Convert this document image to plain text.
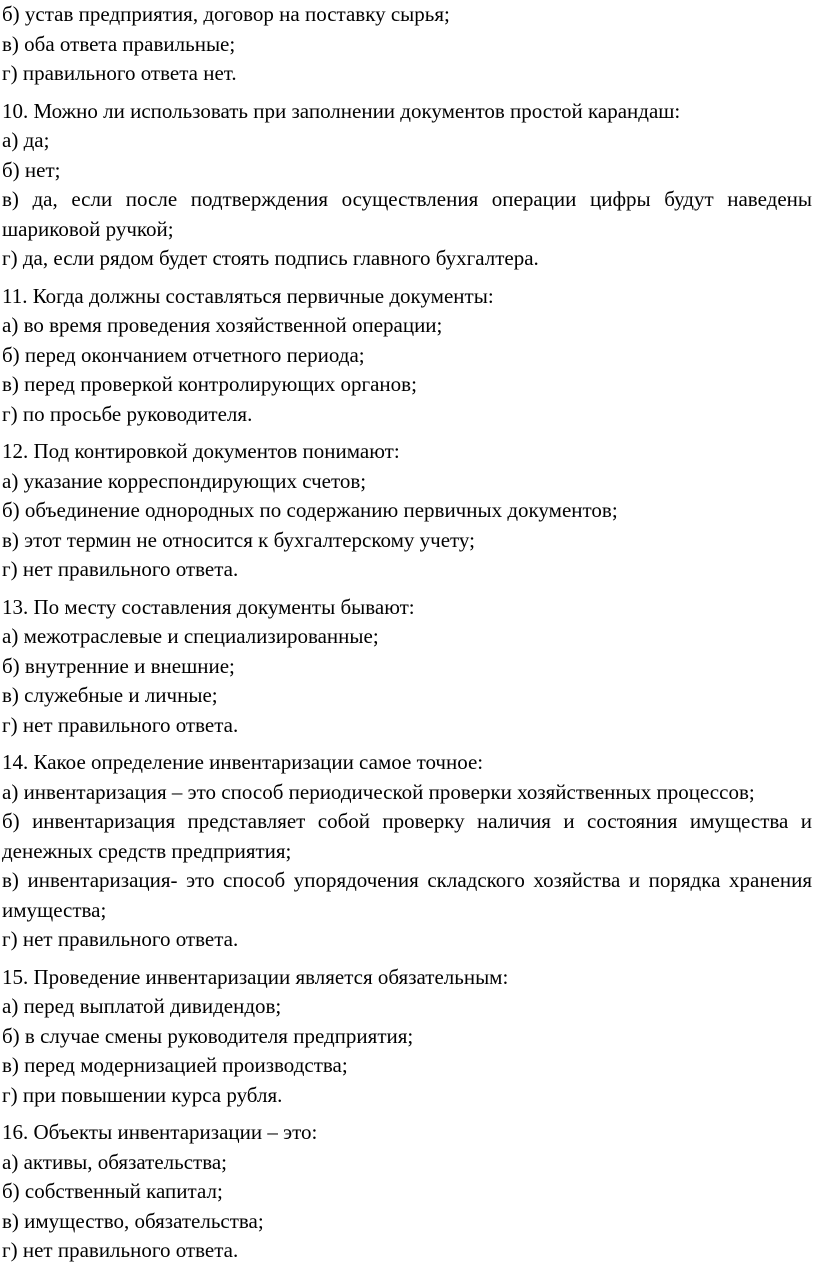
б) устав предприятия, договор на поставку сырья;
в) оба ответа правильные;
г) правильного ответа нет.
10. Можно ли использовать при заполнении документов простой карандаш:
а) да;
б) нет;
в) да, если после подтверждения осуществления операции цифры будут наведены шариковой ручкой;
г) да, если рядом будет стоять подпись главного бухгалтера.
11. Когда должны составляться первичные документы:
а) во время проведения хозяйственной операции;
б) перед окончанием отчетного периода;
в) перед проверкой контролирующих органов;
г) по просьбе руководителя.
12. Под контировкой документов понимают:
а) указание корреспондирующих счетов;
б) объединение однородных по содержанию первичных документов;
в) этот термин не относится к бухгалтерскому учету;
г) нет правильного ответа.
13. По месту составления документы бывают:
а) межотраслевые и специализированные;
б) внутренние и внешние;
в) служебные и личные;
г) нет правильного ответа.
14. Какое определение инвентаризации самое точное:
а) инвентаризация – это способ периодической проверки хозяйственных процессов;
б) инвентаризация представляет собой проверку наличия и состояния имущества и денежных средств предприятия;
в) инвентаризация- это способ упорядочения складского хозяйства и порядка хранения имущества;
г) нет правильного ответа.
15. Проведение инвентаризации является обязательным:
а) перед выплатой дивидендов;
б) в случае смены руководителя предприятия;
в) перед модернизацией производства;
г) при повышении курса рубля.
16. Объекты инвентаризации – это:
а) активы, обязательства;
б) собственный капитал;
в) имущество, обязательства;
г) нет правильного ответа.
